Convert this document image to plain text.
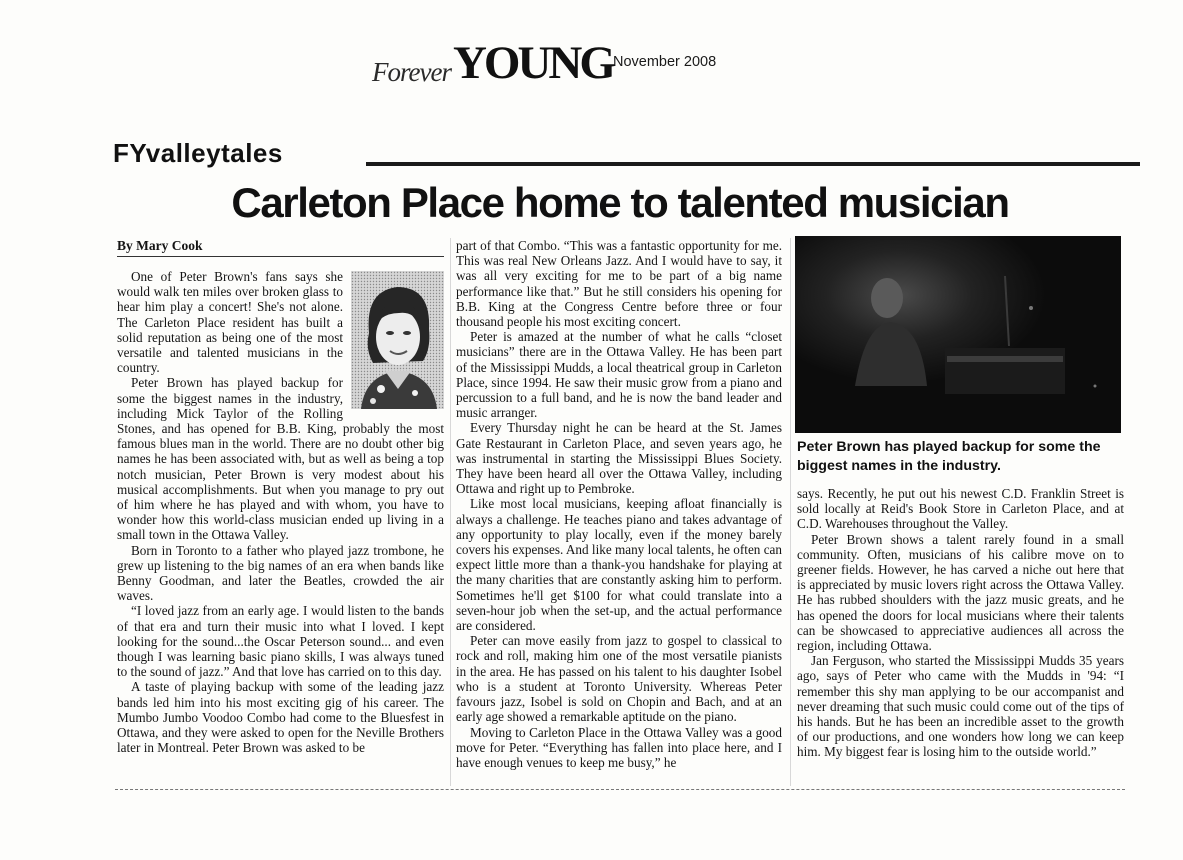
Forever YOUNG November 2008
FYvalleytales
Carleton Place home to talented musician
By Mary Cook

One of Peter Brown's fans says she would walk ten miles over broken glass to hear him play a concert! She's not alone. The Carleton Place resident has built a solid reputation as being one of the most versatile and talented musicians in the country.

Peter Brown has played backup for some the biggest names in the industry, including Mick Taylor of the Rolling Stones, and has opened for B.B. King, probably the most famous blues man in the world. There are no doubt other big names he has been associated with, but as well as being a top notch musician, Peter Brown is very modest about his musical accomplishments. But when you manage to pry out of him where he has played and with whom, you have to wonder how this world-class musician ended up living in a small town in the Ottawa Valley.

Born in Toronto to a father who played jazz trombone, he grew up listening to the big names of an era when bands like Benny Goodman, and later the Beatles, crowded the air waves.

“I loved jazz from an early age. I would listen to the bands of that era and turn their music into what I loved. I kept looking for the sound...the Oscar Peterson sound... and even though I was learning basic piano skills, I was always tuned to the sound of jazz.” And that love has carried on to this day.

A taste of playing backup with some of the leading jazz bands led him into his most exciting gig of his career. The Mumbo Jumbo Voodoo Combo had come to the Bluesfest in Ottawa, and they were asked to open for the Neville Brothers later in Montreal. Peter Brown was asked to be

part of that Combo. “This was a fantastic opportunity for me. This was real New Orleans Jazz. And I would have to say, it was all very exciting for me to be part of a big name performance like that.” But he still considers his opening for B.B. King at the Congress Centre before three or four thousand people his most exciting concert.

Peter is amazed at the number of what he calls “closet musicians” there are in the Ottawa Valley. He has been part of the Mississippi Mudds, a local theatrical group in Carleton Place, since 1994. He saw their music grow from a piano and percussion to a full band, and he is now the band leader and music arranger.

Every Thursday night he can be heard at the St. James Gate Restaurant in Carleton Place, and seven years ago, he was instrumental in starting the Mississippi Blues Society. They have been heard all over the Ottawa Valley, including Ottawa and right up to Pembroke.

Like most local musicians, keeping afloat financially is always a challenge. He teaches piano and takes advantage of any opportunity to play locally, even if the money barely covers his expenses. And like many local talents, he often can expect little more than a thank-you handshake for playing at the many charities that are constantly asking him to perform. Sometimes he'll get $100 for what could translate into a seven-hour job when the set-up, and the actual performance are considered.

Peter can move easily from jazz to gospel to classical to rock and roll, making him one of the most versatile pianists in the area. He has passed on his talent to his daughter Isobel who is a student at Toronto University. Whereas Peter favours jazz, Isobel is sold on Chopin and Bach, and at an early age showed a remarkable aptitude on the piano.

Moving to Carleton Place in the Ottawa Valley was a good move for Peter. “Everything has fallen into place here, and I have enough venues to keep me busy,” he

Peter Brown has played backup for some the biggest names in the industry.

says. Recently, he put out his newest C.D. Franklin Street is sold locally at Reid's Book Store in Carleton Place, and at C.D. Warehouses throughout the Valley.

Peter Brown shows a talent rarely found in a small community. Often, musicians of his calibre move on to greener fields. However, he has carved a niche out here that is appreciated by music lovers right across the Ottawa Valley. He has rubbed shoulders with the jazz music greats, and he has opened the doors for local musicians where their talents can be showcased to appreciative audiences all across the region, including Ottawa.

Jan Ferguson, who started the Mississippi Mudds 35 years ago, says of Peter who came with the Mudds in '94: “I remember this shy man applying to be our accompanist and never dreaming that such music could come out of the tips of his hands. But he has been an incredible asset to the growth of our productions, and one wonders how long we can keep him. My biggest fear is losing him to the outside world.”
